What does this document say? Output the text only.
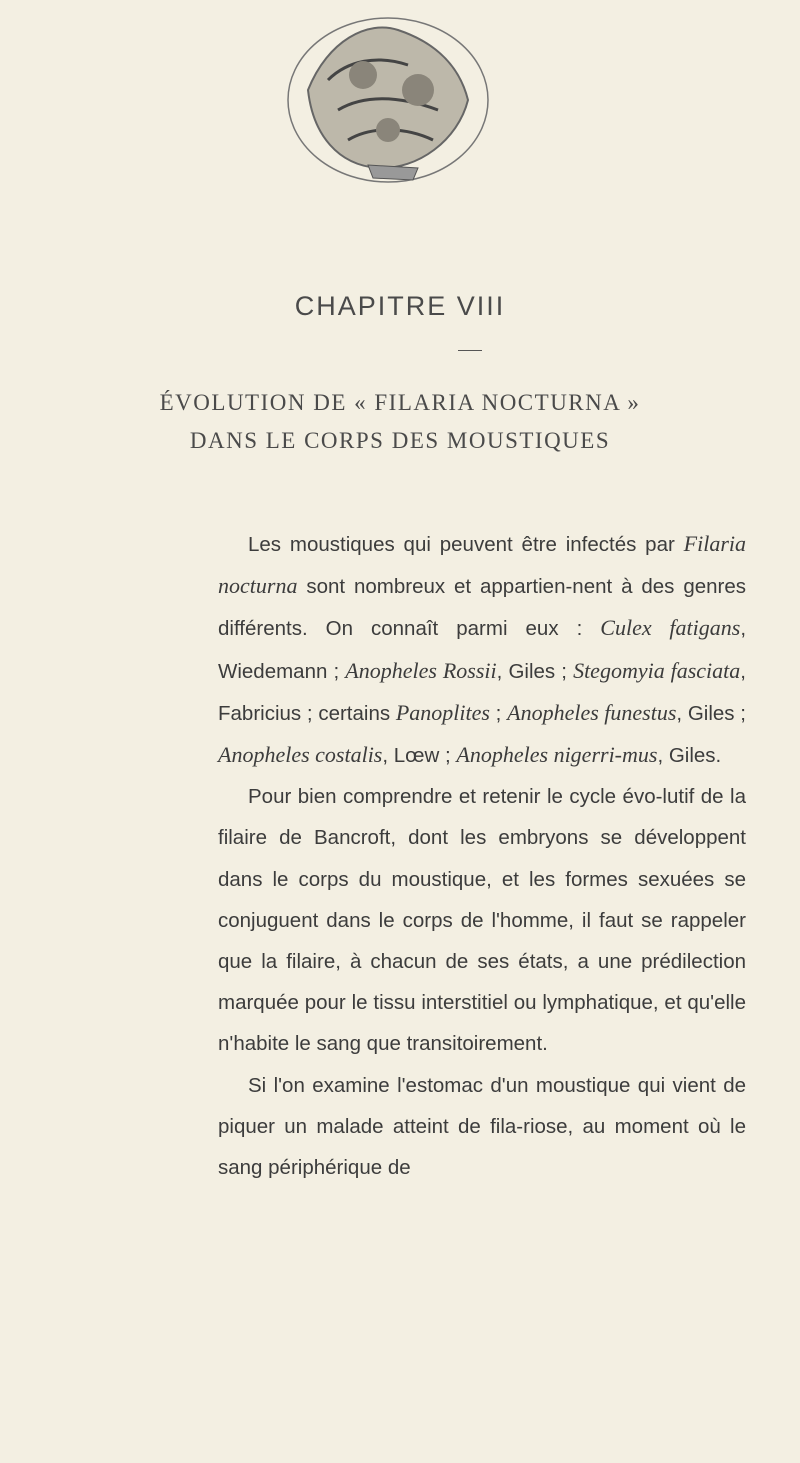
CHAPITRE VIII
ÉVOLUTION DE « FILARIA NOCTURNA »
DANS LE CORPS DES MOUSTIQUES

Les moustiques qui peuvent être infectés par Filaria nocturna sont nombreux et appartien-nent à des genres différents. On connaît parmi eux : Culex fatigans, Wiedemann ; Anopheles Rossii, Giles ; Stegomyia fasciata, Fabricius ; certains Panoplites ; Anopheles funestus, Giles ; Anopheles costalis, Lœw ; Anopheles nigerri-mus, Giles.

Pour bien comprendre et retenir le cycle évo-lutif de la filaire de Bancroft, dont les embryons se développent dans le corps du moustique, et les formes sexuées se conjuguent dans le corps de l'homme, il faut se rappeler que la filaire, à chacun de ses états, a une prédilection marquée pour le tissu interstitiel ou lymphatique, et qu'elle n'habite le sang que transitoirement.

Si l'on examine l'estomac d'un moustique qui vient de piquer un malade atteint de fila-riose, au moment où le sang périphérique de
